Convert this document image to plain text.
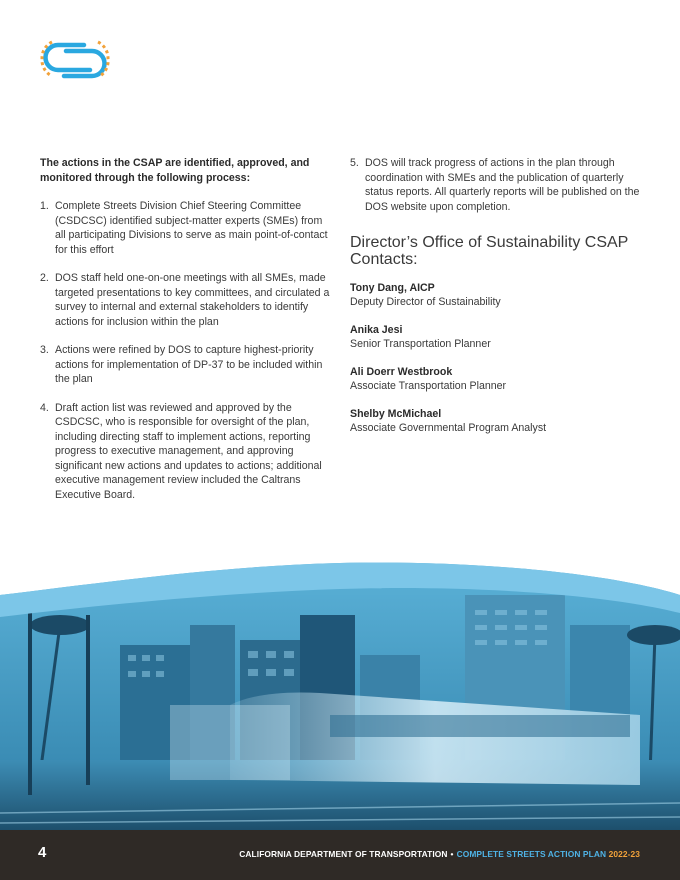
The actions in the CSAP are identified, approved, and monitored through the following process:

1. Complete Streets Division Chief Steering Committee (CSDCSC) identified subject-matter experts (SMEs) from all participating Divisions to serve as main point-of-contact for this effort
2. DOS staff held one-on-one meetings with all SMEs, made targeted presentations to key committees, and circulated a survey to internal and external stakeholders to identify actions for inclusion within the plan
3. Actions were refined by DOS to capture highest-priority actions for implementation of DP-37 to be included within the plan
4. Draft action list was reviewed and approved by the CSDCSC, who is responsible for oversight of the plan, including directing staff to implement actions, reporting progress to executive management, and approving significant new actions and updates to actions; additional executive management review included the Caltrans Executive Board.
5. DOS will track progress of actions in the plan through coordination with SMEs and the publication of quarterly status reports. All quarterly reports will be published on the DOS website upon completion.
Director’s Office of Sustainability CSAP Contacts:
Tony Dang, AICP
Deputy Director of Sustainability
Anika Jesi
Senior Transportation Planner
Ali Doerr Westbrook
Associate Transportation Planner
Shelby McMichael
Associate Governmental Program Analyst
4	CALIFORNIA DEPARTMENT OF TRANSPORTATION • COMPLETE STREETS ACTION PLAN 2022-23
